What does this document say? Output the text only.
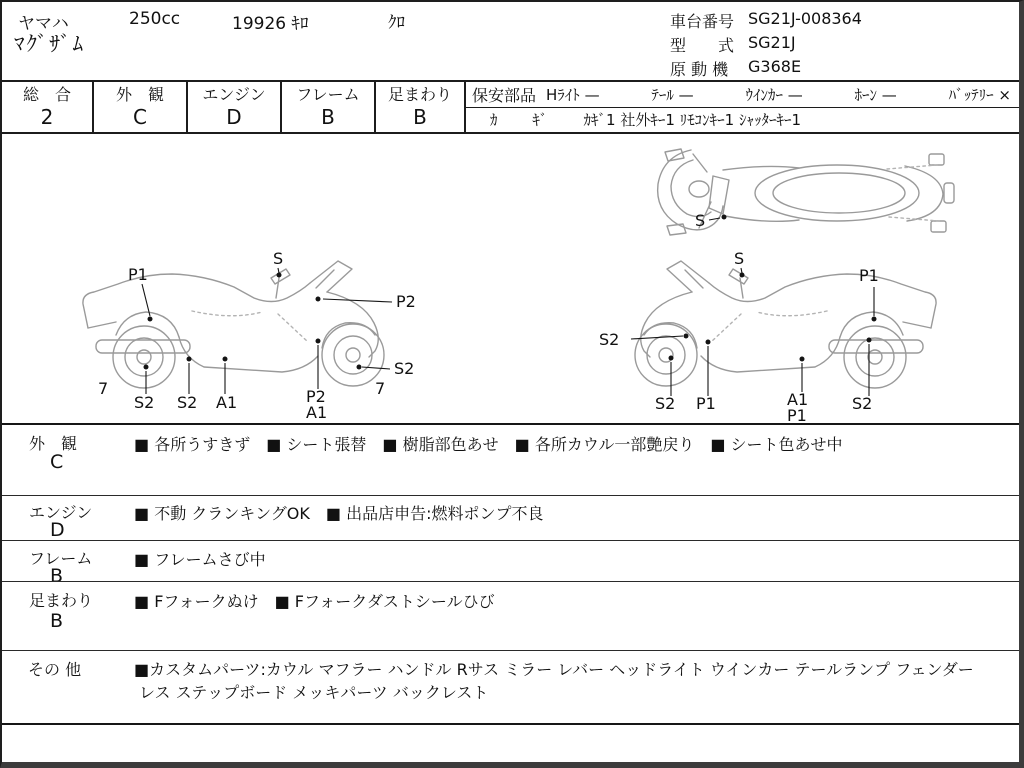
ヤマハ	250cc	19926 ｷﾛ	ｸﾛ
ﾏｸﾞｻﾞﾑ
車台番号 SG21J-008364
型　　式 SG21J
原 動 機 G368E
総　合
2
外　観
C
エンジン
D
フレーム
B
足まわり
B
保安部品 Hﾗｲﾄ —	ﾃｰﾙ —	ｳｲﾝｶｰ —	ﾎｰﾝ —	ﾊﾞｯﾃﾘｰ ×
ｶ　ｷﾞ ｶｷﾞ1 社外ｷｰ1 ﾘﾓｺﾝｷｰ1 ｼｬｯﾀｰｷｰ1
S
P1
S
P2
S2
7
S2 S2 A1	P2
A1
7
S
P1
S2
S2 P1	A1
P1
S2
外　観
C
■ 各所うすきず　■ シート張替　■ 樹脂部色あせ　■ 各所カウル一部艶戻り　■ シート色あせ中
エンジン
D
■ 不動 クランキングOK　■ 出品店申告:燃料ポンプ不良
フレーム
B
■ フレームさび中
足まわり
B
■ Fフォークぬけ　■ Fフォークダストシールひび
その 他	■カスタムパーツ:カウル マフラー ハンドル Rサス ミラー レバー ヘッドライト ウインカー テールランプ フェンダー
レス ステップボード メッキパーツ バックレスト
